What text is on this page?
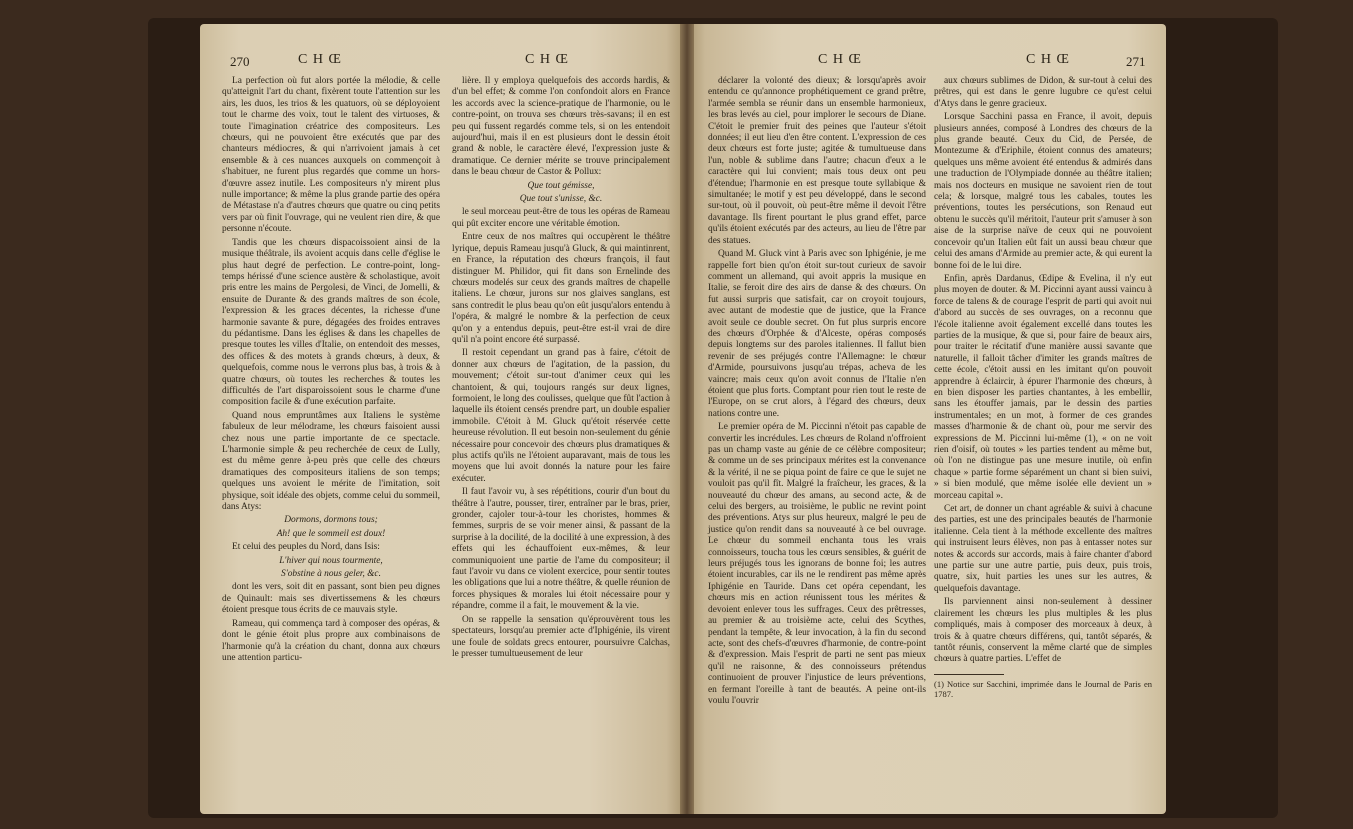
270	C H Œ	C H Œ

La perfection où fut alors portée la mélodie, & celle qu'atteignit l'art du chant, fixèrent toute l'attention sur les airs, les duos, les trios & les quatuors, où se déployoient tout le charme des voix, tout le talent des virtuoses, & toute l'imagination créatrice des compositeurs. Les chœurs, qui ne pouvoient être exécutés que par des chanteurs médiocres, & qui n'arrivoient jamais à cet ensemble & à ces nuances auxquels on commençoit à s'habituer, ne furent plus regardés que comme un hors-d'œuvre assez inutile. Les compositeurs n'y mirent plus nulle importance; & même la plus grande partie des opéra de Métastase n'a d'autres chœurs que quatre ou cinq petits vers par où finit l'ouvrage, qui ne veulent rien dire, & que personne n'écoute.

Tandis que les chœurs dispacoissoient ainsi de la musique théâtrale, ils avoient acquis dans celle d'église le plus haut degré de perfection. Le contre-point, long-temps hérissé d'une science austère & scholastique, avoit pris entre les mains de Pergolesi, de Vinci, de Jomelli, & ensuite de Durante & des grands maîtres de son école, l'expression & les graces décentes, la richesse d'une harmonie savante & pure, dégagées des froides entraves du pédantisme. Dans les églises & dans les chapelles de presque toutes les villes d'Italie, on entendoit des messes, des offices & des motets à grands chœurs, à deux, & quelquefois, comme nous le verrons plus bas, à trois & à quatre chœurs, où toutes les recherches & toutes les difficultés de l'art disparoissoient sous le charme d'une composition facile & d'une exécution parfaite.

Quand nous empruntâmes aux Italiens le système fabuleux de leur mélodrame, les chœurs faisoient aussi chez nous une partie importante de ce spectacle. L'harmonie simple & peu recherchée de ceux de Lully, est du même genre à-peu près que celle des chœurs dramatiques des compositeurs italiens de son temps; quelques uns avoient le mérite de l'imitation, soit physique, soit idéale des objets, comme celui du sommeil, dans Atys:

Dormons, dormons tous;

Ah! que le sommeil est doux!

Et celui des peuples du Nord, dans Isis:

L'hiver qui nous tourmente,

S'obstine à nous geler, &c.

dont les vers, soit dit en passant, sont bien peu dignes de Quinault: mais ses divertissemens & les chœurs étoient presque tous écrits de ce mauvais style.

Rameau, qui commença tard à composer des opéras, & dont le génie étoit plus propre aux combinaisons de l'harmonie qu'à la création du chant, donna aux chœurs une attention particu-

lière. Il y employa quelquefois des accords hardis, & d'un bel effet; & comme l'on confondoit alors en France les accords avec la science-pratique de l'harmonie, ou le contre-point, on trouva ses chœurs très-savans; il en est peu qui fussent regardés comme tels, si on les entendoit aujourd'hui, mais il en est plusieurs dont le dessin étoit grand & noble, le caractère élevé, l'expression juste & dramatique. Ce dernier mérite se trouve principalement dans le beau chœur de Castor & Pollux:

Que tout gémisse,

Que tout s'unisse, &c.

le seul morceau peut-être de tous les opéras de Rameau qui pût exciter encore une véritable émotion.

Entre ceux de nos maîtres qui occupèrent le théâtre lyrique, depuis Rameau jusqu'à Gluck, & qui maintinrent, en France, la réputation des chœurs françois, il faut distinguer M. Philidor, qui fit dans son Ernelinde des chœurs modelés sur ceux des grands maîtres de chapelle italiens. Le chœur, jurons sur nos glaives sanglans, est sans contredit le plus beau qu'on eût jusqu'alors entendu à l'opéra, & malgré le nombre & la perfection de ceux qu'on y a entendus depuis, peut-être est-il vrai de dire qu'il n'a point encore été surpassé.

Il restoit cependant un grand pas à faire, c'étoit de donner aux chœurs de l'agitation, de la passion, du mouvement; c'étoit sur-tout d'animer ceux qui les chantoient, & qui, toujours rangés sur deux lignes, formoient, le long des coulisses, quelque que fût l'action à laquelle ils étoient censés prendre part, un double espalier immobile. C'étoit à M. Gluck qu'étoit réservée cette heureuse révolution. Il eut besoin non-seulement du génie nécessaire pour concevoir des chœurs plus dramatiques & plus actifs qu'ils ne l'étoient auparavant, mais de tous les moyens que lui avoit donnés la nature pour les faire exécuter.

Il faut l'avoir vu, à ses répétitions, courir d'un bout du théâtre à l'autre, pousser, tirer, entraîner par le bras, prier, gronder, cajoler tour-à-tour les choristes, hommes & femmes, surpris de se voir mener ainsi, & passant de la surprise à la docilité, de la docilité à une expression, à des effets qui les échauffoient eux-mêmes, & leur communiquoient une partie de l'ame du compositeur; il faut l'avoir vu dans ce violent exercice, pour sentir toutes les obligations que lui a notre théâtre, & quelle réunion de forces physiques & morales lui étoit nécessaire pour y répandre, comme il a fait, le mouvement & la vie.

On se rappelle la sensation qu'éprouvèrent tous les spectateurs, lorsqu'au premier acte d'Iphigénie, ils virent une foule de soldats grecs entourer, poursuivre Calchas, le presser tumultueusement de leur

C H Œ	C H Œ	271

déclarer la volonté des dieux; & lorsqu'après avoir entendu ce qu'annonce prophétiquement ce grand prêtre, l'armée sembla se réunir dans un ensemble harmonieux, les bras levés au ciel, pour implorer le secours de Diane. C'étoit le premier fruit des peines que l'auteur s'étoit données; il eut lieu d'en être content. L'expression de ces deux chœurs est forte juste; agitée & tumultueuse dans l'un, noble & sublime dans l'autre; chacun d'eux a le caractère qui lui convient; mais tous deux ont peu d'étendue; l'harmonie en est presque toute syllabique & simultanée; le motif y est peu développé, dans le second sur-tout, où il pouvoit, où peut-être même il devoit l'être davantage. Ils firent pourtant le plus grand effet, parce qu'ils étoient exécutés par des acteurs, au lieu de l'être par des statues.

Quand M. Gluck vint à Paris avec son Iphigénie, je me rappelle fort bien qu'on étoit sur-tout curieux de savoir comment un allemand, qui avoit appris la musique en Italie, se feroit dire des airs de danse & des chœurs. On fut aussi surpris que satisfait, car on croyoit toujours, avec autant de modestie que de justice, que la France avoit seule ce double secret. On fut plus surpris encore des chœurs d'Orphée & d'Alceste, opéras composés depuis longtems sur des paroles italiennes. Il fallut bien revenir de ses préjugés contre l'Allemagne: le chœur d'Armide, poursuivons jusqu'au trépas, acheva de les vaincre; mais ceux qu'on avoit connus de l'Italie n'en étoient que plus forts. Comptant pour rien tout le reste de l'Europe, on se crut alors, à l'égard des chœurs, deux nations contre une.

Le premier opéra de M. Piccinni n'étoit pas capable de convertir les incrédules. Les chœurs de Roland n'offroient pas un champ vaste au génie de ce célèbre compositeur; & comme un de ses principaux mérites est la convenance & la vérité, il ne se piqua point de faire ce que le sujet ne vouloit pas qu'il fît. Malgré la fraîcheur, les graces, & la nouveauté du chœur des amans, au second acte, & de celui des bergers, au troisième, le public ne revint point des préventions. Atys sur plus heureux, malgré le peu de justice qu'on rendit dans sa nouveauté à ce bel ouvrage. Le chœur du sommeil enchanta tous les vrais connoisseurs, toucha tous les cœurs sensibles, & guérit de leurs préjugés tous les ignorans de bonne foi; les autres étoient incurables, car ils ne le rendirent pas même après Iphigénie en Tauride. Dans cet opéra cependant, les chœurs mis en action réunissent tous les mérites & devoient enlever tous les suffrages. Ceux des prêtresses, au premier & au troisième acte, celui des Scythes, pendant la tempête, & leur invocation, à la fin du second acte, sont des chefs-d'œuvres d'harmonie, de contre-point & d'expression. Mais l'esprit de parti ne sent pas mieux qu'il ne raisonne, & des connoisseurs prétendus continuoient de prouver l'injustice de leurs préventions, en fermant l'oreille à tant de beautés. A peine ont-ils voulu l'ouvrir

aux chœurs sublimes de Didon, & sur-tout à celui des prêtres, qui est dans le genre lugubre ce qu'est celui d'Atys dans le genre gracieux.

Lorsque Sacchini passa en France, il avoit, depuis plusieurs années, composé à Londres des chœurs de la plus grande beauté. Ceux du Cid, de Persée, de Montezume & d'Eriphile, étoient connus des amateurs; quelques uns même avoient été entendus & admirés dans une traduction de l'Olympiade donnée au théâtre italien; mais nos docteurs en musique ne savoient rien de tout cela; & lorsque, malgré tous les cabales, toutes les préventions, toutes les persécutions, son Renaud eut obtenu le succès qu'il méritoit, l'auteur prit s'amuser à son aise de la surprise naïve de ceux qui ne pouvoient concevoir qu'un Italien eût fait un aussi beau chœur que celui des amans d'Armide au premier acte, & qui eurent la bonne foi de le lui dire.

Enfin, après Dardanus, Œdipe & Evelina, il n'y eut plus moyen de douter. & M. Piccinni ayant aussi vaincu à force de talens & de courage l'esprit de parti qui avoit nui d'abord au succès de ses ouvrages, on a reconnu que l'école italienne avoit également excellé dans toutes les parties de la musique, & que si, pour faire de beaux airs, pour traiter le récitatif d'une manière aussi savante que naturelle, il falloit tâcher d'imiter les grands maîtres de cette école, c'étoit aussi en les imitant qu'on pouvoit apprendre à éclaircir, à épurer l'harmonie des chœurs, à en bien disposer les parties chantantes, à les embellir, sans les étouffer jamais, par le dessin des parties instrumentales; en un mot, à former de ces grandes masses d'harmonie & de chant où, pour me servir des expressions de M. Piccinni lui-même (1), « on ne voit rien d'oisif, où toutes » les parties tendent au même but, où l'on ne distingue pas une mesure inutile, où enfin chaque » partie forme séparément un chant si bien suivi, » si bien modulé, que même isolée elle devient un » morceau capital ».

Cet art, de donner un chant agréable & suivi à chacune des parties, est une des principales beautés de l'harmonie italienne. Cela tient à la méthode excellente des maîtres qui instruisent leurs élèves, non pas à entasser notes sur notes & accords sur accords, mais à faire chanter d'abord une partie sur une autre partie, puis deux, puis trois, quatre, six, huit parties les unes sur les autres, & quelquefois davantage.

Ils parviennent ainsi non-seulement à dessiner clairement les chœurs les plus multiples & les plus compliqués, mais à composer des morceaux à deux, à trois & à quatre chœurs différens, qui, tantôt séparés, & tantôt réunis, conservent la même clarté que de simples chœurs à quatre parties. L'effet de

(1) Notice sur Sacchini, imprimée dans le Journal de Paris en 1787.
